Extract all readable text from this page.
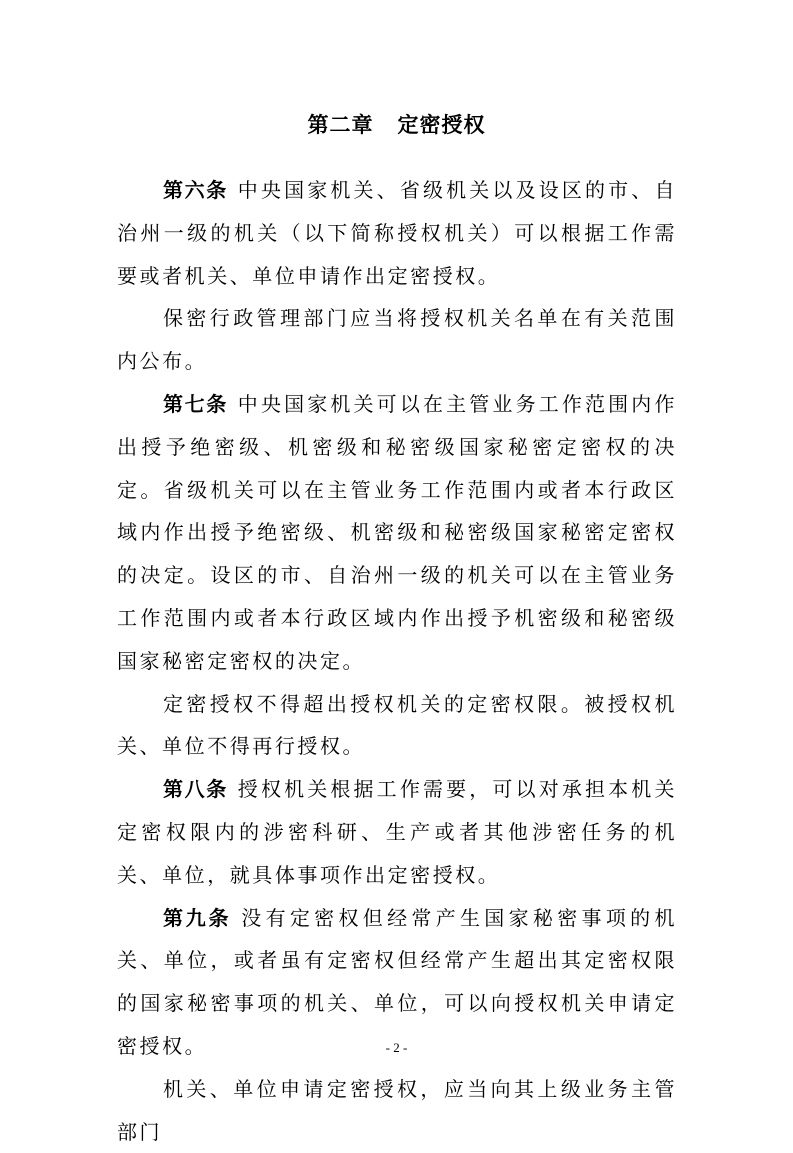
第二章 定密授权

第六条 中央国家机关、省级机关以及设区的市、自治州一级的机关（以下简称授权机关）可以根据工作需要或者机关、单位申请作出定密授权。

保密行政管理部门应当将授权机关名单在有关范围内公布。

第七条 中央国家机关可以在主管业务工作范围内作出授予绝密级、机密级和秘密级国家秘密定密权的决定。省级机关可以在主管业务工作范围内或者本行政区域内作出授予绝密级、机密级和秘密级国家秘密定密权的决定。设区的市、自治州一级的机关可以在主管业务工作范围内或者本行政区域内作出授予机密级和秘密级国家秘密定密权的决定。

定密授权不得超出授权机关的定密权限。被授权机关、单位不得再行授权。

第八条 授权机关根据工作需要，可以对承担本机关定密权限内的涉密科研、生产或者其他涉密任务的机关、单位，就具体事项作出定密授权。

第九条 没有定密权但经常产生国家秘密事项的机关、单位，或者虽有定密权但经常产生超出其定密权限的国家秘密事项的机关、单位，可以向授权机关申请定密授权。

机关、单位申请定密授权，应当向其上级业务主管部门

- 2 -
